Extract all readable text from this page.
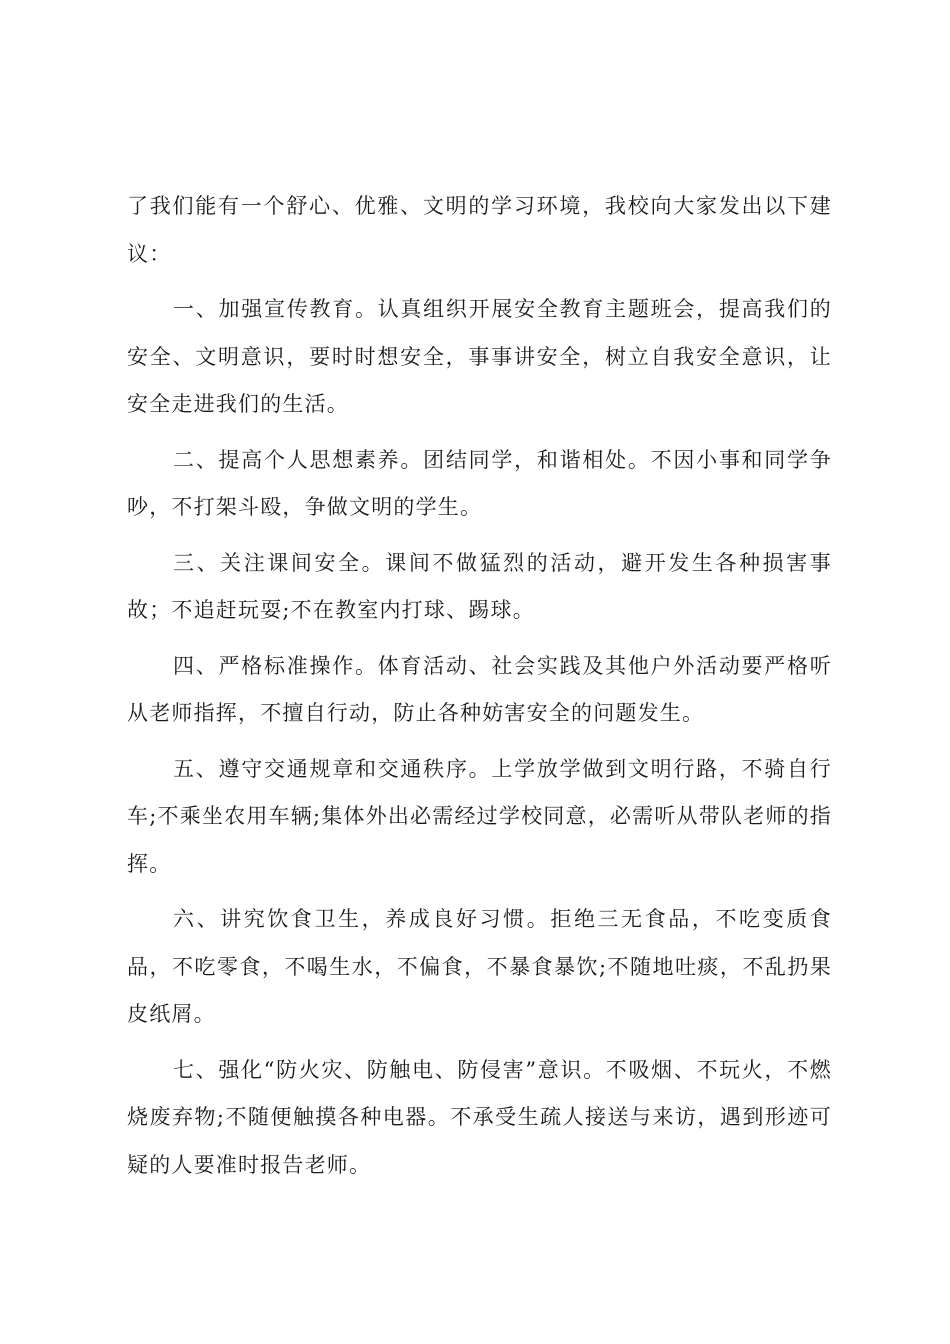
了我们能有一个舒心、优雅、文明的学习环境，我校向大家发出以下建议：

一、加强宣传教育。认真组织开展安全教育主题班会，提高我们的安全、文明意识，要时时想安全，事事讲安全，树立自我安全意识，让安全走进我们的生活。

二、提高个人思想素养。团结同学，和谐相处。不因小事和同学争吵，不打架斗殴，争做文明的学生。

三、关注课间安全。课间不做猛烈的活动，避开发生各种损害事故；不追赶玩耍;不在教室内打球、踢球。

四、严格标准操作。体育活动、社会实践及其他户外活动要严格听从老师指挥，不擅自行动，防止各种妨害安全的问题发生。

五、遵守交通规章和交通秩序。上学放学做到文明行路，不骑自行车;不乘坐农用车辆;集体外出必需经过学校同意，必需听从带队老师的指挥。

六、讲究饮食卫生，养成良好习惯。拒绝三无食品，不吃变质食品，不吃零食，不喝生水，不偏食，不暴食暴饮;不随地吐痰，不乱扔果皮纸屑。

七、强化“防火灾、防触电、防侵害”意识。不吸烟、不玩火，不燃烧废弃物;不随便触摸各种电器。不承受生疏人接送与来访，遇到形迹可疑的人要准时报告老师。
